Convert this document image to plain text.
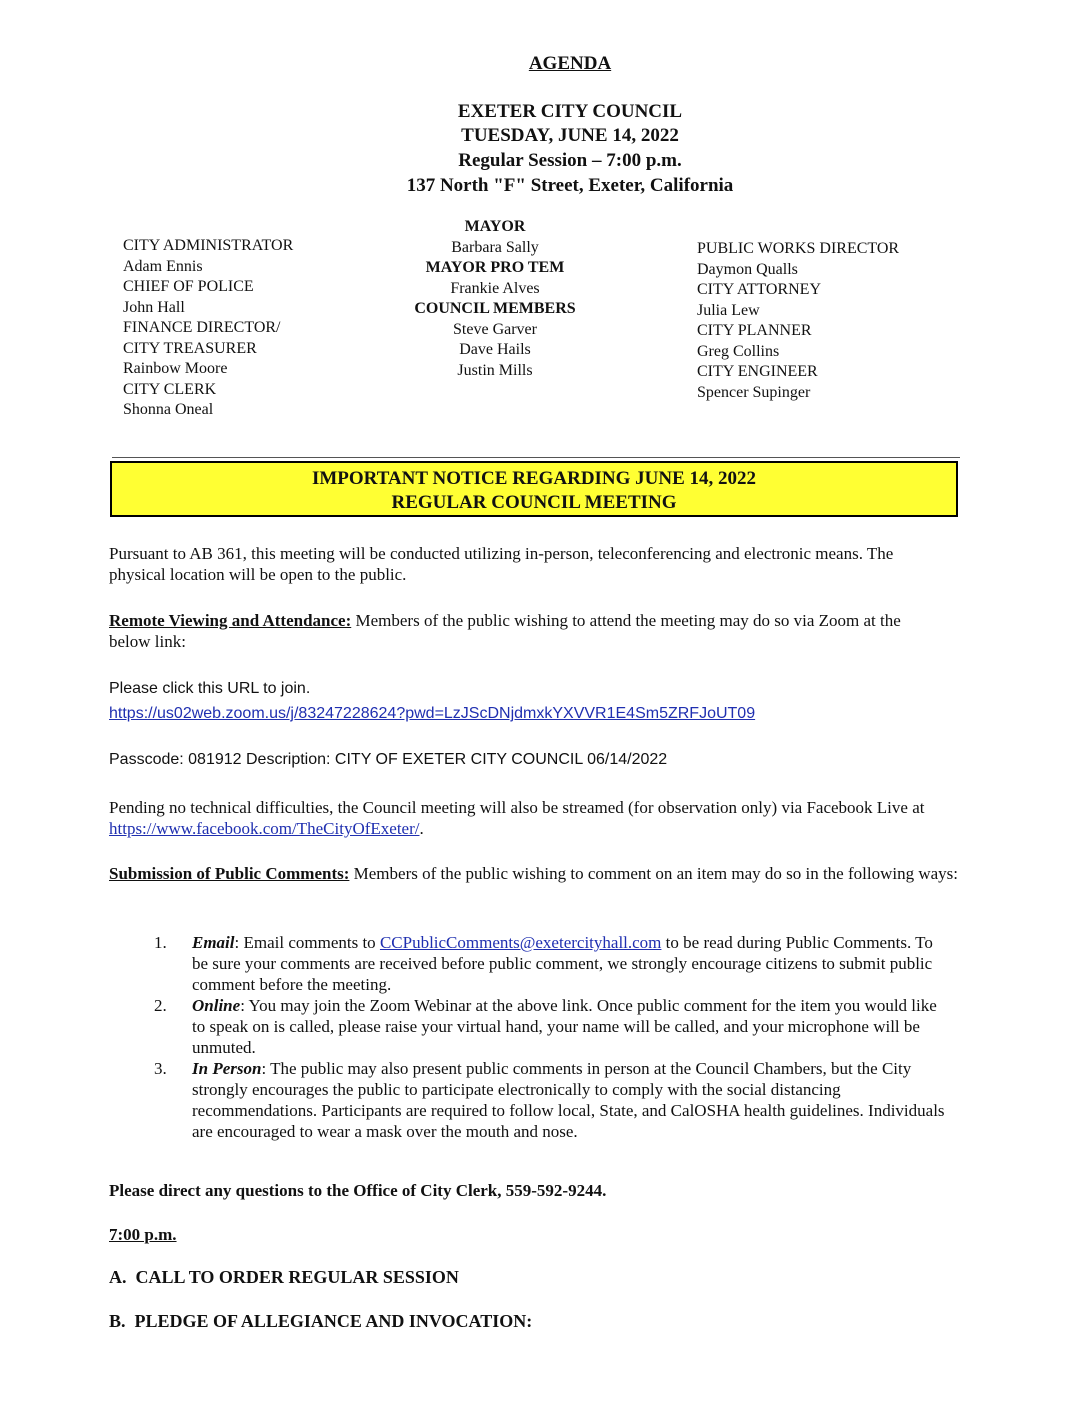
AGENDA
EXETER CITY COUNCIL
TUESDAY, JUNE 14, 2022
Regular Session – 7:00 p.m.
137 North "F" Street, Exeter, California
CITY ADMINISTRATOR
Adam Ennis
CHIEF OF POLICE
John Hall
FINANCE DIRECTOR/
CITY TREASURER
Rainbow Moore
CITY CLERK
Shonna Oneal
MAYOR
Barbara Sally
MAYOR PRO TEM
Frankie Alves
COUNCIL MEMBERS
Steve Garver
Dave Hails
Justin Mills
PUBLIC WORKS DIRECTOR
Daymon Qualls
CITY ATTORNEY
Julia Lew
CITY PLANNER
Greg Collins
CITY ENGINEER
Spencer Supinger
IMPORTANT NOTICE REGARDING JUNE 14, 2022
REGULAR COUNCIL MEETING
Pursuant to AB 361, this meeting will be conducted utilizing in-person, teleconferencing and electronic means. The physical location will be open to the public.
Remote Viewing and Attendance: Members of the public wishing to attend the meeting may do so via Zoom at the below link:
Please click this URL to join.
https://us02web.zoom.us/j/83247228624?pwd=LzJScDNjdmxkYXVVR1E4Sm5ZRFJoUT09
Passcode: 081912 Description: CITY OF EXETER CITY COUNCIL 06/14/2022
Pending no technical difficulties, the Council meeting will also be streamed (for observation only) via Facebook Live at https://www.facebook.com/TheCityOfExeter/.
Submission of Public Comments: Members of the public wishing to comment on an item may do so in the following ways:
1. Email: Email comments to CCPublicComments@exetercityhall.com to be read during Public Comments. To be sure your comments are received before public comment, we strongly encourage citizens to submit public comment before the meeting.
2. Online: You may join the Zoom Webinar at the above link. Once public comment for the item you would like to speak on is called, please raise your virtual hand, your name will be called, and your microphone will be unmuted.
3. In Person: The public may also present public comments in person at the Council Chambers, but the City strongly encourages the public to participate electronically to comply with the social distancing recommendations. Participants are required to follow local, State, and CalOSHA health guidelines. Individuals are encouraged to wear a mask over the mouth and nose.
Please direct any questions to the Office of City Clerk, 559-592-9244.
7:00 p.m.
A. CALL TO ORDER REGULAR SESSION
B. PLEDGE OF ALLEGIANCE AND INVOCATION:
